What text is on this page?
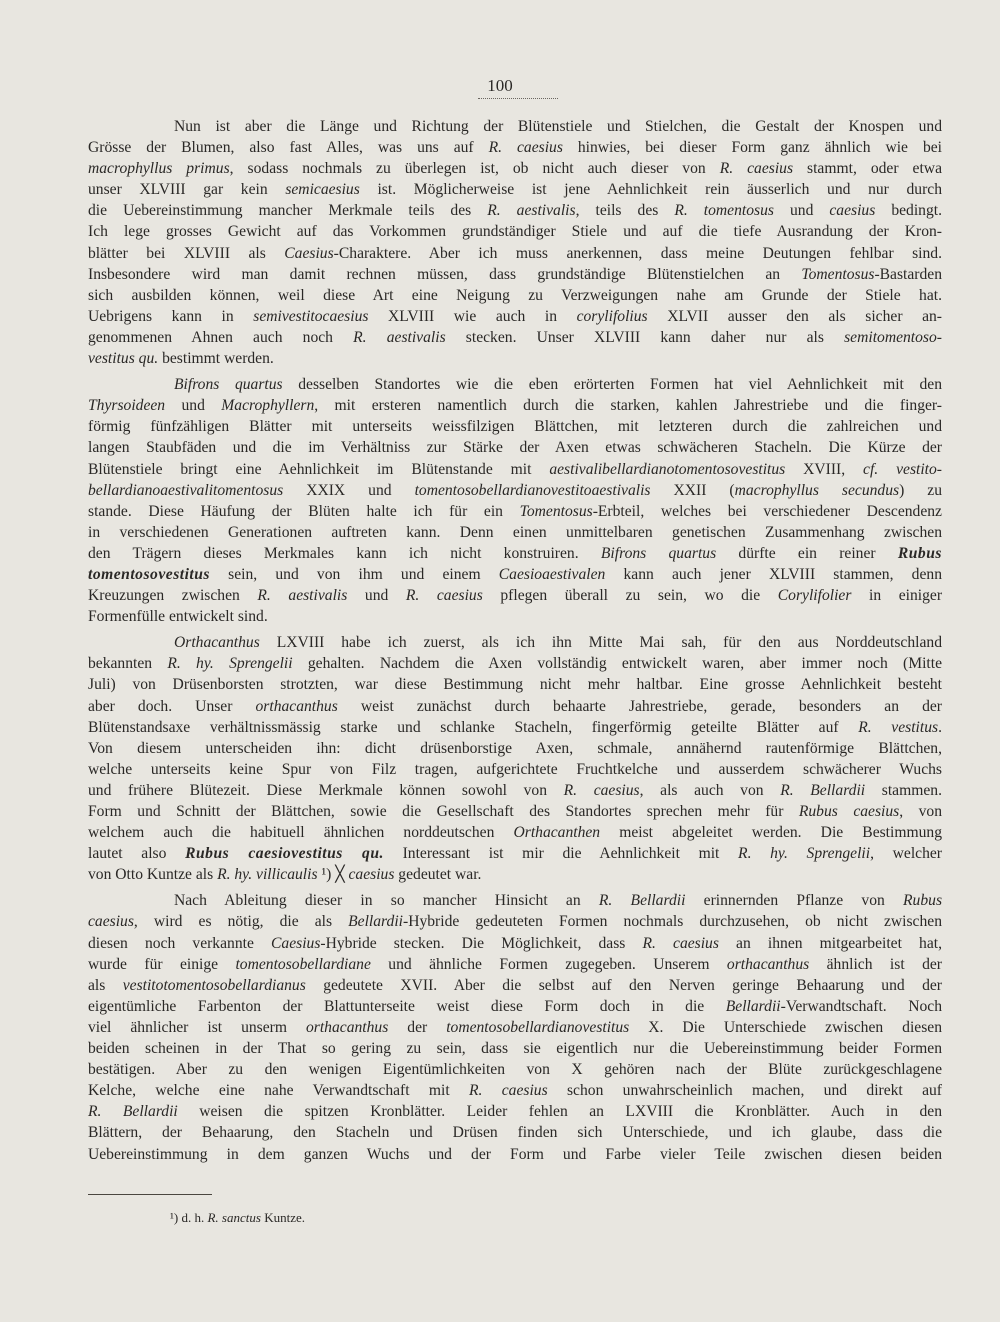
100
Nun ist aber die Länge und Richtung der Blütenstiele und Stielchen, die Gestalt der Knospen und
Grösse der Blumen, also fast Alles, was uns auf R. caesius hinwies, bei dieser Form ganz ähnlich wie bei
macrophyllus primus, sodass nochmals zu überlegen ist, ob nicht auch dieser von R. caesius stammt, oder etwa
unser XLVIII gar kein semicaesius ist. Möglicherweise ist jene Aehnlichkeit rein äusserlich und nur durch
die Uebereinstimmung mancher Merkmale teils des R. aestivalis, teils des R. tomentosus und caesius bedingt.
Ich lege grosses Gewicht auf das Vorkommen grundständiger Stiele und auf die tiefe Ausrandung der Kron-
blätter bei XLVIII als Caesius-Charaktere. Aber ich muss anerkennen, dass meine Deutungen fehlbar sind.
Insbesondere wird man damit rechnen müssen, dass grundständige Blütenstielchen an Tomentosus-Bastarden
sich ausbilden können, weil diese Art eine Neigung zu Verzweigungen nahe am Grunde der Stiele hat.
Uebrigens kann in semivestitocaesius XLVIII wie auch in corylifolius XLVII ausser den als sicher an-
genommenen Ahnen auch noch R. aestivalis stecken. Unser XLVIII kann daher nur als semitomentoso-
vestitus qu. bestimmt werden.
Bifrons quartus desselben Standortes wie die eben erörterten Formen hat viel Aehnlichkeit mit den
Thyrsoideen und Macrophyllern, mit ersteren namentlich durch die starken, kahlen Jahrestriebe und die finger-
förmig fünfzähligen Blätter mit unterseits weissfilzigen Blättchen, mit letzteren durch die zahlreichen und
langen Staubfäden und die im Verhältniss zur Stärke der Axen etwas schwächeren Stacheln. Die Kürze der
Blütenstiele bringt eine Aehnlichkeit im Blütenstande mit aestivalibellardianotomentosovestitus XVIII, cf. vestito-
bellardianoaestivalitomentosus XXIX und tomentosobellardianovestitoaestivalis XXII (macrophyllus secundus) zu
stande. Diese Häufung der Blüten halte ich für ein Tomentosus-Erbteil, welches bei verschiedener Descendenz
in verschiedenen Generationen auftreten kann. Denn einen unmittelbaren genetischen Zusammenhang zwischen
den Trägern dieses Merkmales kann ich nicht konstruiren. Bifrons quartus dürfte ein reiner Rubus
tomentosovestitus sein, und von ihm und einem Caesioaestivalen kann auch jener XLVIII stammen, denn
Kreuzungen zwischen R. aestivalis und R. caesius pflegen überall zu sein, wo die Corylifolier in einiger
Formenfülle entwickelt sind.
Orthacanthus LXVIII habe ich zuerst, als ich ihn Mitte Mai sah, für den aus Norddeutschland
bekannten R. hy. Sprengelii gehalten. Nachdem die Axen vollständig entwickelt waren, aber immer noch (Mitte
Juli) von Drüsenborsten strotzten, war diese Bestimmung nicht mehr haltbar. Eine grosse Aehnlichkeit besteht
aber doch. Unser orthacanthus weist zunächst durch behaarte Jahrestriebe, gerade, besonders an der
Blütenstandsaxe verhältnissmässig starke und schlanke Stacheln, fingerförmig geteilte Blätter auf R. vestitus.
Von diesem unterscheiden ihn: dicht drüsenborstige Axen, schmale, annähernd rautenförmige Blättchen,
welche unterseits keine Spur von Filz tragen, aufgerichtete Fruchtkelche und ausserdem schwächerer Wuchs
und frühere Blütezeit. Diese Merkmale können sowohl von R. caesius, als auch von R. Bellardii stammen.
Form und Schnitt der Blättchen, sowie die Gesellschaft des Standortes sprechen mehr für Rubus caesius, von
welchem auch die habituell ähnlichen norddeutschen Orthacanthen meist abgeleitet werden. Die Bestimmung
lautet also Rubus caesiovestitus qu. Interessant ist mir die Aehnlichkeit mit R. hy. Sprengelii, welcher
von Otto Kuntze als R. hy. villicaulis ¹) ╳ caesius gedeutet war.
Nach Ableitung dieser in so mancher Hinsicht an R. Bellardii erinnernden Pflanze von Rubus
caesius, wird es nötig, die als Bellardii-Hybride gedeuteten Formen nochmals durchzusehen, ob nicht zwischen
diesen noch verkannte Caesius-Hybride stecken. Die Möglichkeit, dass R. caesius an ihnen mitgearbeitet hat,
wurde für einige tomentosobellardiane und ähnliche Formen zugegeben. Unserem orthacanthus ähnlich ist der
als vestitotomentosobellardianus gedeutete XVII. Aber die selbst auf den Nerven geringe Behaarung und der
eigentümliche Farbenton der Blattunterseite weist diese Form doch in die Bellardii-Verwandtschaft. Noch
viel ähnlicher ist unserm orthacanthus der tomentosobellardianovestitus X. Die Unterschiede zwischen diesen
beiden scheinen in der That so gering zu sein, dass sie eigentlich nur die Uebereinstimmung beider Formen
bestätigen. Aber zu den wenigen Eigentümlichkeiten von X gehören nach der Blüte zurückgeschlagene
Kelche, welche eine nahe Verwandtschaft mit R. caesius schon unwahrscheinlich machen, und direkt auf
R. Bellardii weisen die spitzen Kronblätter. Leider fehlen an LXVIII die Kronblätter. Auch in den
Blättern, der Behaarung, den Stacheln und Drüsen finden sich Unterschiede, und ich glaube, dass die
Uebereinstimmung in dem ganzen Wuchs und der Form und Farbe vieler Teile zwischen diesen beiden
¹) d. h. R. sanctus Kuntze.
